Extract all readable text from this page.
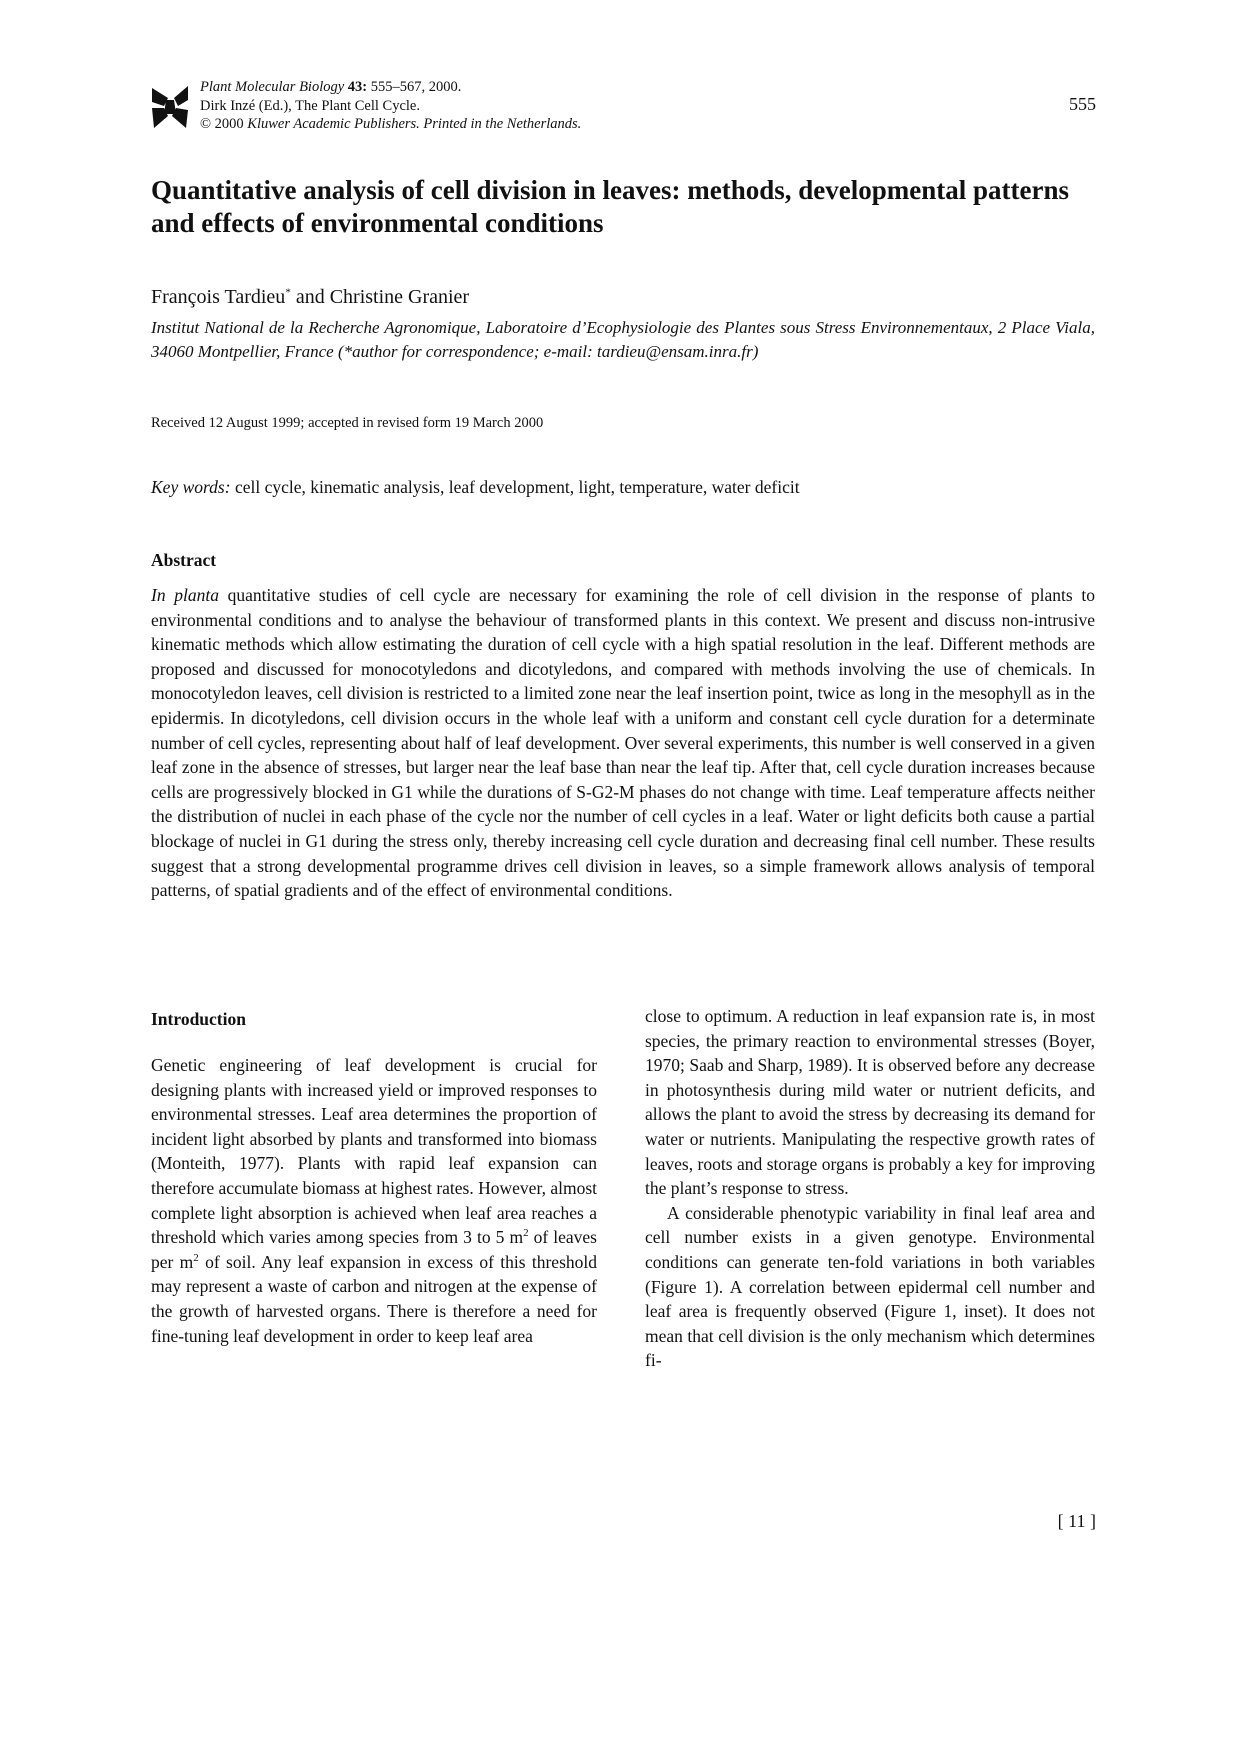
Plant Molecular Biology 43: 555–567, 2000.
Dirk Inzé (Ed.), The Plant Cell Cycle.
© 2000 Kluwer Academic Publishers. Printed in the Netherlands.
555
Quantitative analysis of cell division in leaves: methods, developmental patterns and effects of environmental conditions
François Tardieu* and Christine Granier
Institut National de la Recherche Agronomique, Laboratoire d’Ecophysiologie des Plantes sous Stress Environnementaux, 2 Place Viala, 34060 Montpellier, France (*author for correspondence; e-mail: tardieu@ensam.inra.fr)
Received 12 August 1999; accepted in revised form 19 March 2000
Key words: cell cycle, kinematic analysis, leaf development, light, temperature, water deficit
Abstract
In planta quantitative studies of cell cycle are necessary for examining the role of cell division in the response of plants to environmental conditions and to analyse the behaviour of transformed plants in this context. We present and discuss non-intrusive kinematic methods which allow estimating the duration of cell cycle with a high spatial resolution in the leaf. Different methods are proposed and discussed for monocotyledons and dicotyledons, and compared with methods involving the use of chemicals. In monocotyledon leaves, cell division is restricted to a limited zone near the leaf insertion point, twice as long in the mesophyll as in the epidermis. In dicotyledons, cell division occurs in the whole leaf with a uniform and constant cell cycle duration for a determinate number of cell cycles, representing about half of leaf development. Over several experiments, this number is well conserved in a given leaf zone in the absence of stresses, but larger near the leaf base than near the leaf tip. After that, cell cycle duration increases because cells are progressively blocked in G1 while the durations of S-G2-M phases do not change with time. Leaf temperature affects neither the distribution of nuclei in each phase of the cycle nor the number of cell cycles in a leaf. Water or light deficits both cause a partial blockage of nuclei in G1 during the stress only, thereby increasing cell cycle duration and decreasing final cell number. These results suggest that a strong developmental programme drives cell division in leaves, so a simple framework allows analysis of temporal patterns, of spatial gradients and of the effect of environmental conditions.
Introduction
Genetic engineering of leaf development is crucial for designing plants with increased yield or improved responses to environmental stresses. Leaf area determines the proportion of incident light absorbed by plants and transformed into biomass (Monteith, 1977). Plants with rapid leaf expansion can therefore accumulate biomass at highest rates. However, almost complete light absorption is achieved when leaf area reaches a threshold which varies among species from 3 to 5 $m^2$ of leaves per $m^2$ of soil. Any leaf expansion in excess of this threshold may represent a waste of carbon and nitrogen at the expense of the growth of harvested organs. There is therefore a need for fine-tuning leaf development in order to keep leaf area

close to optimum. A reduction in leaf expansion rate is, in most species, the primary reaction to environmental stresses (Boyer, 1970; Saab and Sharp, 1989). It is observed before any decrease in photosynthesis during mild water or nutrient deficits, and allows the plant to avoid the stress by decreasing its demand for water or nutrients. Manipulating the respective growth rates of leaves, roots and storage organs is probably a key for improving the plant’s response to stress.

A considerable phenotypic variability in final leaf area and cell number exists in a given genotype. Environmental conditions can generate ten-fold variations in both variables (Figure 1). A correlation between epidermal cell number and leaf area is frequently observed (Figure 1, inset). It does not mean that cell division is the only mechanism which determines fi-

[ 11 ]
